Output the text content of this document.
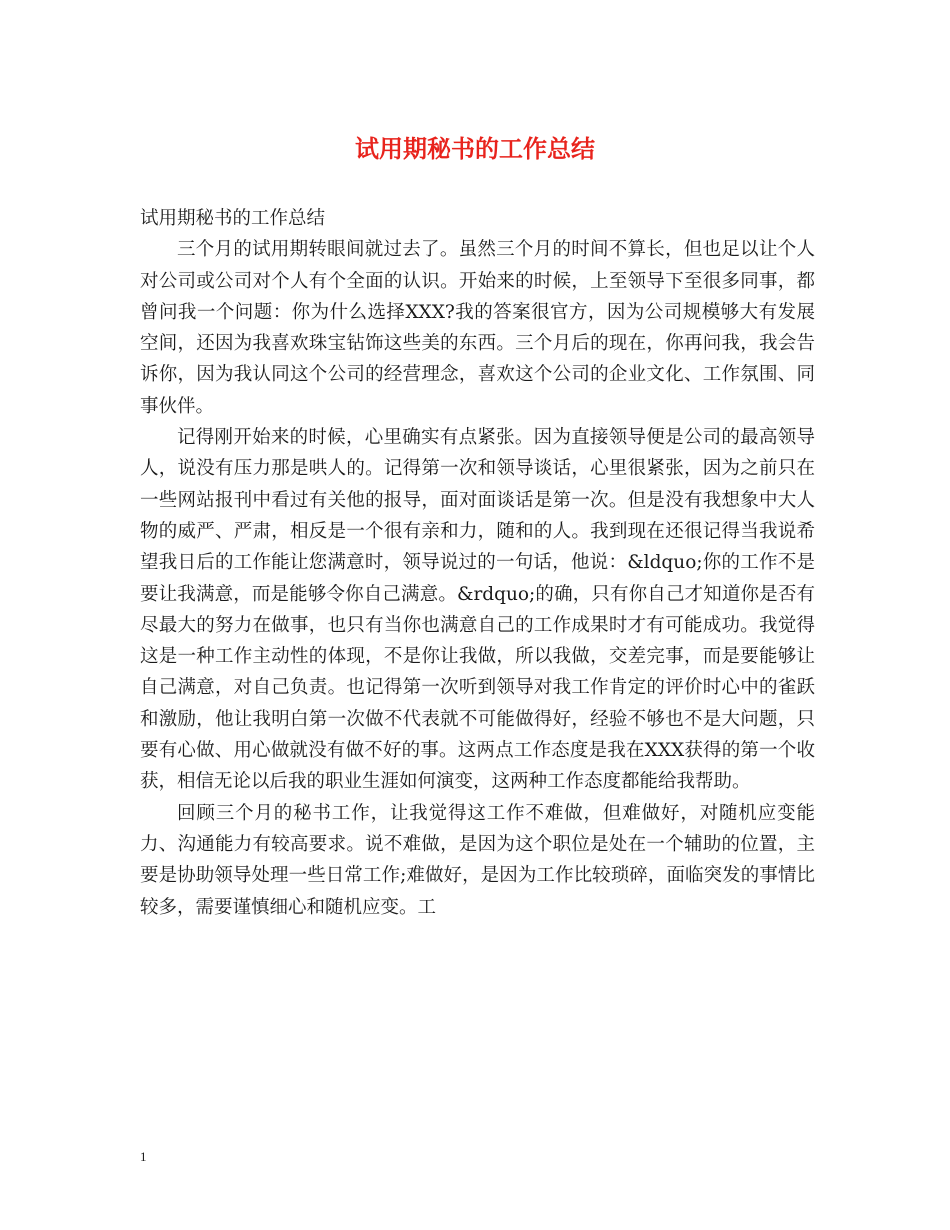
试用期秘书的工作总结

试用期秘书的工作总结

三个月的试用期转眼间就过去了。虽然三个月的时间不算长，但也足以让个人对公司或公司对个人有个全面的认识。开始来的时候，上至领导下至很多同事，都曾问我一个问题：你为什么选择XXX?我的答案很官方，因为公司规模够大有发展空间，还因为我喜欢珠宝钻饰这些美的东西。三个月后的现在，你再问我，我会告诉你，因为我认同这个公司的经营理念，喜欢这个公司的企业文化、工作氛围、同事伙伴。

记得刚开始来的时候，心里确实有点紧张。因为直接领导便是公司的最高领导人，说没有压力那是哄人的。记得第一次和领导谈话，心里很紧张，因为之前只在一些网站报刊中看过有关他的报导，面对面谈话是第一次。但是没有我想象中大人物的威严、严肃，相反是一个很有亲和力，随和的人。我到现在还很记得当我说希望我日后的工作能让您满意时，领导说过的一句话，他说：&ldquo;你的工作不是要让我满意，而是能够令你自己满意。&rdquo;的确，只有你自己才知道你是否有尽最大的努力在做事，也只有当你也满意自己的工作成果时才有可能成功。我觉得这是一种工作主动性的体现，不是你让我做，所以我做，交差完事，而是要能够让自己满意，对自己负责。也记得第一次听到领导对我工作肯定的评价时心中的雀跃和激励，他让我明白第一次做不代表就不可能做得好，经验不够也不是大问题，只要有心做、用心做就没有做不好的事。这两点工作态度是我在XXX获得的第一个收获，相信无论以后我的职业生涯如何演变，这两种工作态度都能给我帮助。

回顾三个月的秘书工作，让我觉得这工作不难做，但难做好，对随机应变能力、沟通能力有较高要求。说不难做，是因为这个职位是处在一个辅助的位置，主要是协助领导处理一些日常工作;难做好，是因为工作比较琐碎，面临突发的事情比较多，需要谨慎细心和随机应变。工

1
